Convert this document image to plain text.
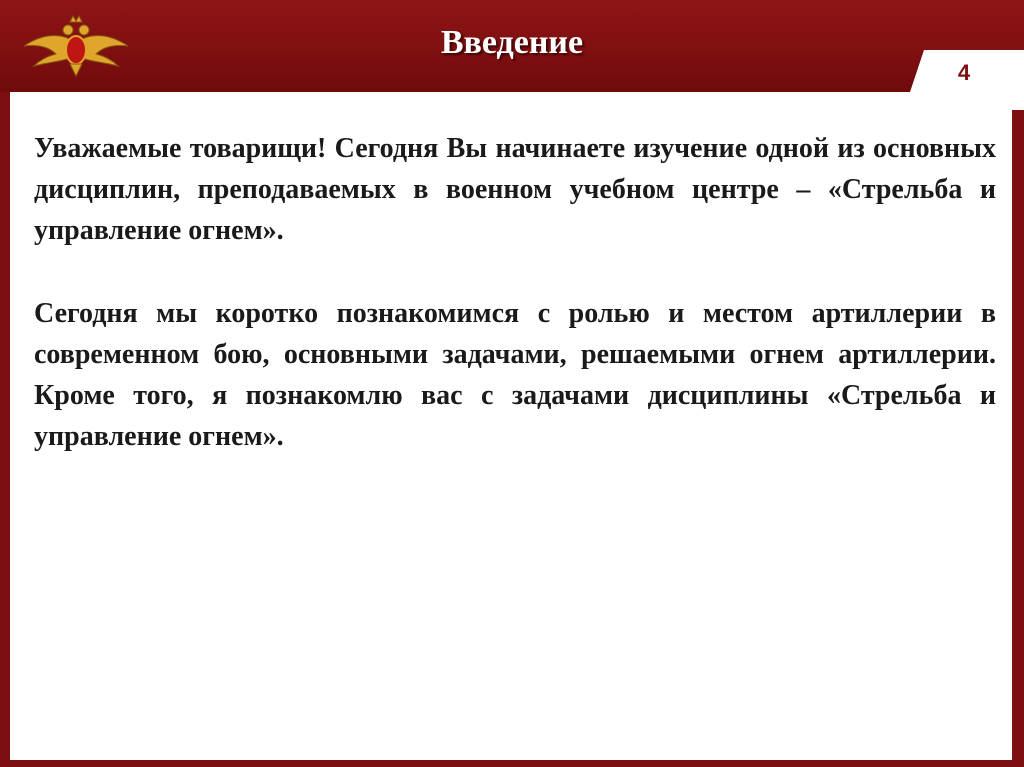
Введение
4

Уважаемые товарищи! Сегодня Вы начинаете изучение одной из основных дисциплин, преподаваемых в военном учебном центре – «Стрельба и управление огнем».

Сегодня мы коротко познакомимся с ролью и местом артиллерии в современном бою, основными задачами, решаемыми огнем артиллерии. Кроме того, я познакомлю вас с задачами дисциплины «Стрельба и управление огнем».
